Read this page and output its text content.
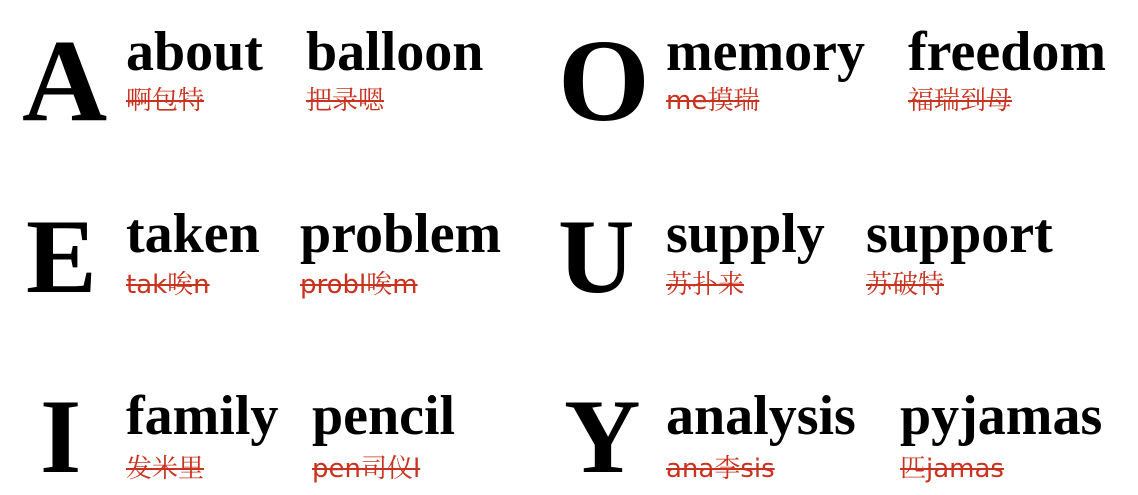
A about
啊包特
balloon
把录嗯 O memory
me摸瑞
freedom
福瑞到母
E taken
tak唉n
problem
probl唉m U supply
苏扑来
support
苏破特
I family
发米里
pencil
pen司仪l Y analysis
ana李sis
pyjamas
匹jamas
